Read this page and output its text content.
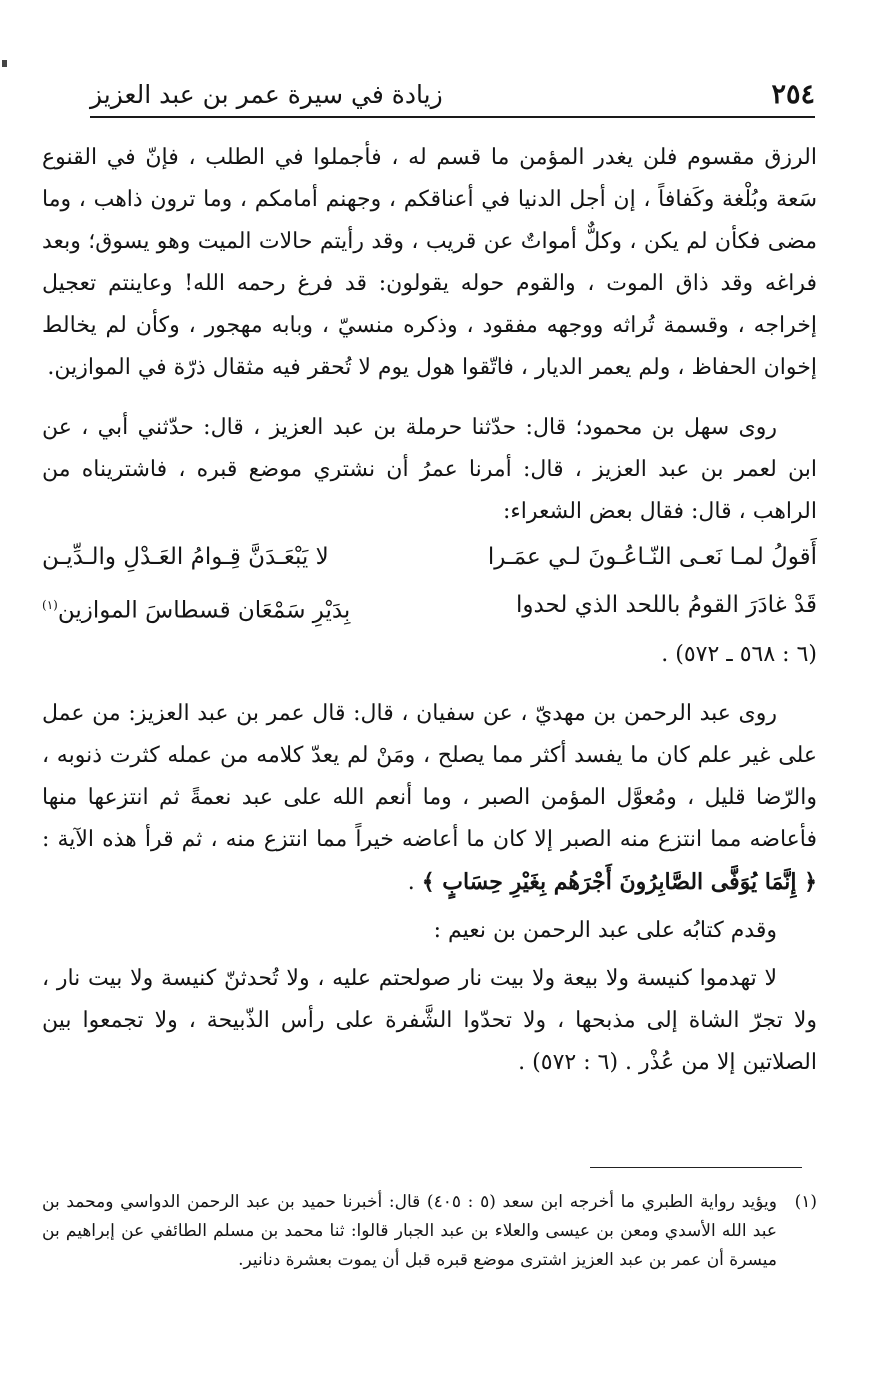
٢٥٤
زيادة في سيرة عمر بن عبد العزيز

الرزق مقسوم فلن يغدر المؤمن ما قسم له ، فأجملوا في الطلب ، فإنّ في القنوع سَعة وبُلْغة وكَفافاً ، إن أجل الدنيا في أعناقكم ، وجهنم أمامكم ، وما ترون ذاهب ، وما مضى فكأن لم يكن ، وكلٌّ أمواتٌ عن قريب ، وقد رأيتم حالات الميت وهو يسوق؛ وبعد فراغه وقد ذاق الموت ، والقوم حوله يقولون: قد فرغ رحمه الله! وعاينتم تعجيل إخراجه ، وقسمة تُراثه ووجهه مفقود ، وذكره منسيّ ، وبابه مهجور ، وكأن لم يخالط إخوان الحفاظ ، ولم يعمر الديار ، فاتّقوا هول يوم لا تُحقر فيه مثقال ذرّة في الموازين.

روى سهل بن محمود؛ قال: حدّثنا حرملة بن عبد العزيز ، قال: حدّثني أبي ، عن ابن لعمر بن عبد العزيز ، قال: أمرنا عمرُ أن نشتري موضع قبره ، فاشتريناه من الراهب ، قال: فقال بعض الشعراء:

أَقولُ لمـا نَعـى النّـاعُـونَ لـي عمَـرا
لا يَبْعَـدَنَّ قِـوامُ العَـدْلِ والـدِّيـن
قَدْ غادَرَ القومُ باللحد الذي لحدوا
بِدَيْرِ سَمْعَان قسطاسَ الموازين$^{(١)}$
(٦ : ٥٦٨ ـ ٥٧٢) .

روى عبد الرحمن بن مهديّ ، عن سفيان ، قال: قال عمر بن عبد العزيز: من عمل على غير علم كان ما يفسد أكثر مما يصلح ، ومَنْ لم يعدّ كلامه من عمله كثرت ذنوبه ، والرّضا قليل ، ومُعوَّل المؤمن الصبر ، وما أنعم الله على عبد نعمةً ثم انتزعها منها فأعاضه مما انتزع منه الصبر إلا كان ما أعاضه خيراً مما انتزع منه ، ثم قرأ هذه الآية : ﴿ إِنَّمَا يُوَفَّى الصَّابِرُونَ أَجْرَهُم بِغَيْرِ حِسَابٍ ﴾ .

وقدم كتابُه على عبد الرحمن بن نعيم :

لا تهدموا كنيسة ولا بيعة ولا بيت نار صولحتم عليه ، ولا تُحدثنّ كنيسة ولا بيت نار ، ولا تجرّ الشاة إلى مذبحها ، ولا تحدّوا الشَّفرة على رأس الذّبيحة ، ولا تجمعوا بين الصلاتين إلا من عُذْر . (٦ : ٥٧٢) .

(١)
ويؤيد رواية الطبري ما أخرجه ابن سعد (٥ : ٤٠٥) قال: أخبرنا حميد بن عبد الرحمن الدواسي ومحمد بن عبد الله الأسدي ومعن بن عيسى والعلاء بن عبد الجبار قالوا: ثنا محمد بن مسلم الطائفي عن إبراهيم بن ميسرة أن عمر بن عبد العزيز اشترى موضع قبره قبل أن يموت بعشرة دنانير.
